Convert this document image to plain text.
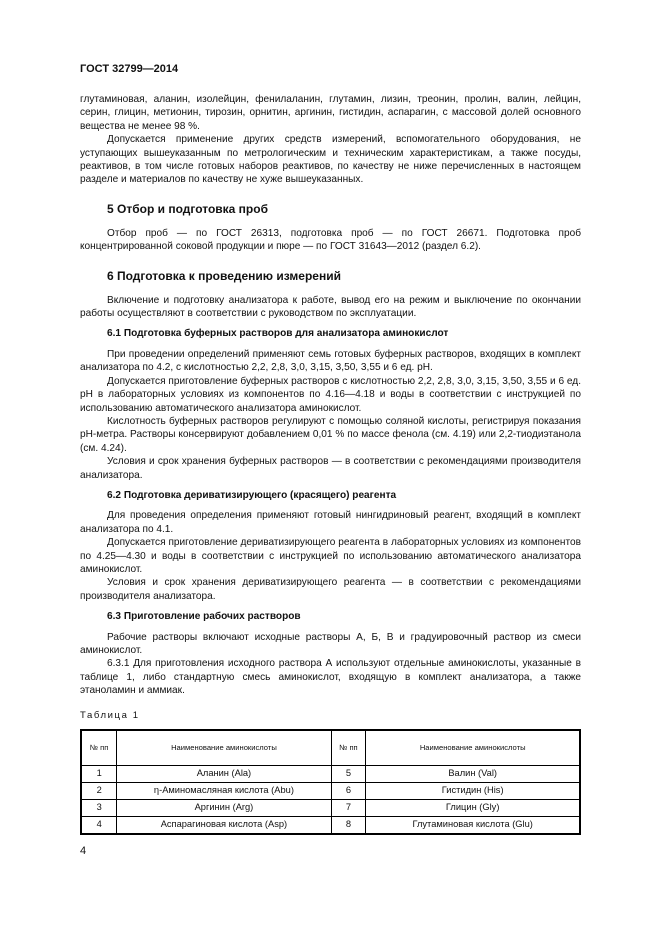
ГОСТ 32799—2014

глутаминовая, аланин, изолейцин, фенилаланин, глутамин, лизин, треонин, пролин, валин, лейцин, серин, глицин, метионин, тирозин, орнитин, аргинин, гистидин, аспарагин, с массовой долей основного вещества не менее 98 %.

Допускается применение других средств измерений, вспомогательного оборудования, не уступающих вышеуказанным по метрологическим и техническим характеристикам, а также посуды, реактивов, в том числе готовых наборов реактивов, по качеству не ниже перечисленных в настоящем разделе и материалов по качеству не хуже вышеуказанных.

5 Отбор и подготовка проб

Отбор проб — по ГОСТ 26313, подготовка проб — по ГОСТ 26671. Подготовка проб концентрированной соковой продукции и пюре — по ГОСТ 31643—2012 (раздел 6.2).

6 Подготовка к проведению измерений

Включение и подготовку анализатора к работе, вывод его на режим и выключение по окончании работы осуществляют в соответствии с руководством по эксплуатации.

6.1 Подготовка буферных растворов для анализатора аминокислот

При проведении определений применяют семь готовых буферных растворов, входящих в комплект анализатора по 4.2, с кислотностью 2,2, 2,8, 3,0, 3,15, 3,50, 3,55 и 6 ед. pH.

Допускается приготовление буферных растворов с кислотностью 2,2, 2,8, 3,0, 3,15, 3,50, 3,55 и 6 ед. pH в лабораторных условиях из компонентов по 4.16—4.18 и воды в соответствии с инструкцией по использованию автоматического анализатора аминокислот.

Кислотность буферных растворов регулируют с помощью соляной кислоты, регистрируя показания pH-метра. Растворы консервируют добавлением 0,01 % по массе фенола (см. 4.19) или 2,2-тиодиэтанола (см. 4.24).

Условия и срок хранения буферных растворов — в соответствии с рекомендациями производителя анализатора.

6.2 Подготовка дериватизирующего (красящего) реагента

Для проведения определения применяют готовый нингидриновый реагент, входящий в комплект анализатора по 4.1.

Допускается приготовление дериватизирующего реагента в лабораторных условиях из компонентов по 4.25—4.30 и воды в соответствии с инструкцией по использованию автоматического анализатора аминокислот.

Условия и срок хранения дериватизирующего реагента — в соответствии с рекомендациями производителя анализатора.

6.3 Приготовление рабочих растворов

Рабочие растворы включают исходные растворы А, Б, В и градуировочный раствор из смеси аминокислот.

6.3.1 Для приготовления исходного раствора А используют отдельные аминокислоты, указанные в таблице 1, либо стандартную смесь аминокислот, входящую в комплект анализатора, а также этаноламин и аммиак.

Таблица 1
№ пп	Наименование аминокислоты	№ пп	Наименование аминокислоты
1	Аланин (Ala)	5	Валин (Val)
2	η-Аминомасляная кислота (Abu)	6	Гистидин (His)
3	Аргинин (Arg)	7	Глицин (Gly)
4	Аспарагиновая кислота (Asp)	8	Глутаминовая кислота (Glu)
4
